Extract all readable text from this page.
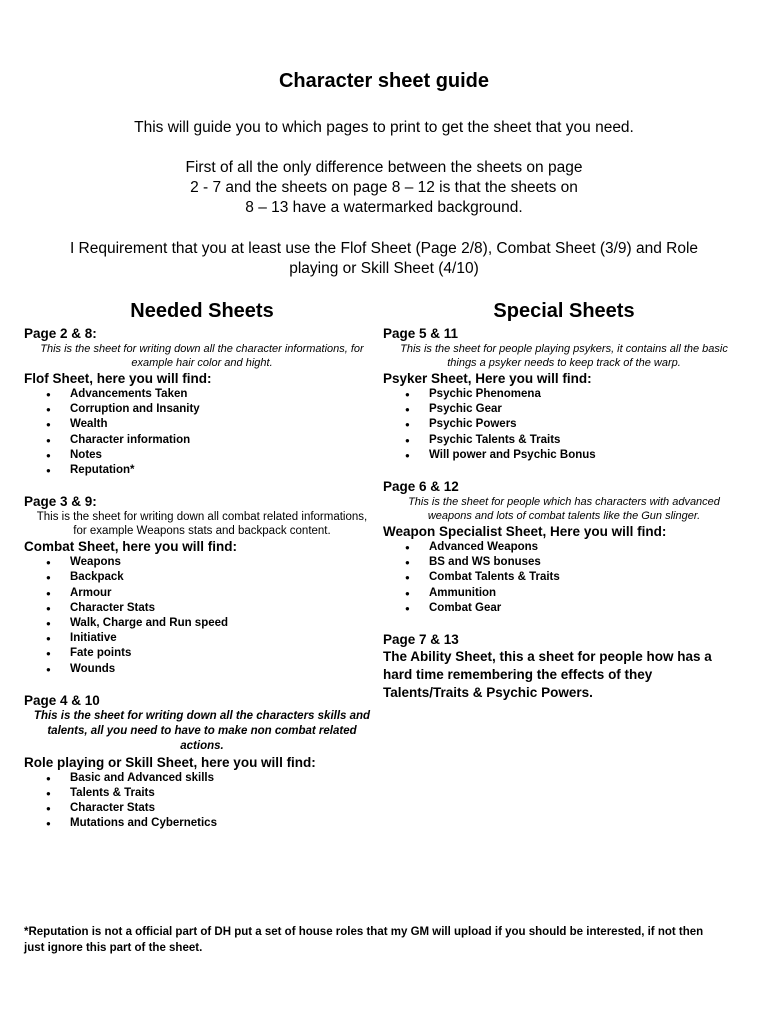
Character sheet guide
This will guide you to which pages to print to get the sheet that you need.
First of all the only difference between the sheets on page
2 - 7 and the sheets on page 8 – 12 is that the sheets on
8 – 13 have a watermarked background.
I Requirement that you at least use the Flof Sheet (Page 2/8), Combat Sheet (3/9) and Role
playing or Skill Sheet (4/10)
Needed Sheets
Page 2 & 8:
This is the sheet for writing down all the character informations, for
example hair color and hight.
Flof Sheet, here you will find:
● Advancements Taken
● Corruption and Insanity
● Wealth
● Character information
● Notes
● Reputation*
Page 3 & 9:
This is the sheet for writing down all combat related informations,
for example Weapons stats and backpack content.
Combat Sheet, here you will find:
● Weapons
● Backpack
● Armour
● Character Stats
● Walk, Charge and Run speed
● Initiative
● Fate points
● Wounds
Page 4 & 10
This is the sheet for writing down all the characters skills and
talents, all you need to have to make non combat related
actions.
Role playing or Skill Sheet, here you will find:
● Basic and Advanced skills
● Talents & Traits
● Character Stats
● Mutations and Cybernetics
Special Sheets
Page 5 & 11
This is the sheet for people playing psykers, it contains all the basic
things a psyker needs to keep track of the warp.
Psyker Sheet, Here you will find:
● Psychic Phenomena
● Psychic Gear
● Psychic Powers
● Psychic Talents & Traits
● Will power and Psychic Bonus
Page 6 & 12
This is the sheet for people which has characters with advanced
weapons and lots of combat talents like the Gun slinger.
Weapon Specialist Sheet, Here you will find:
● Advanced Weapons
● BS and WS bonuses
● Combat Talents & Traits
● Ammunition
● Combat Gear
Page 7 & 13
The Ability Sheet, this a sheet for people how has a
hard time remembering the effects of they
Talents/Traits & Psychic Powers.
*Reputation is not a official part of DH put a set of house roles that my GM will upload if you should be interested, if not then
just ignore this part of the sheet.
